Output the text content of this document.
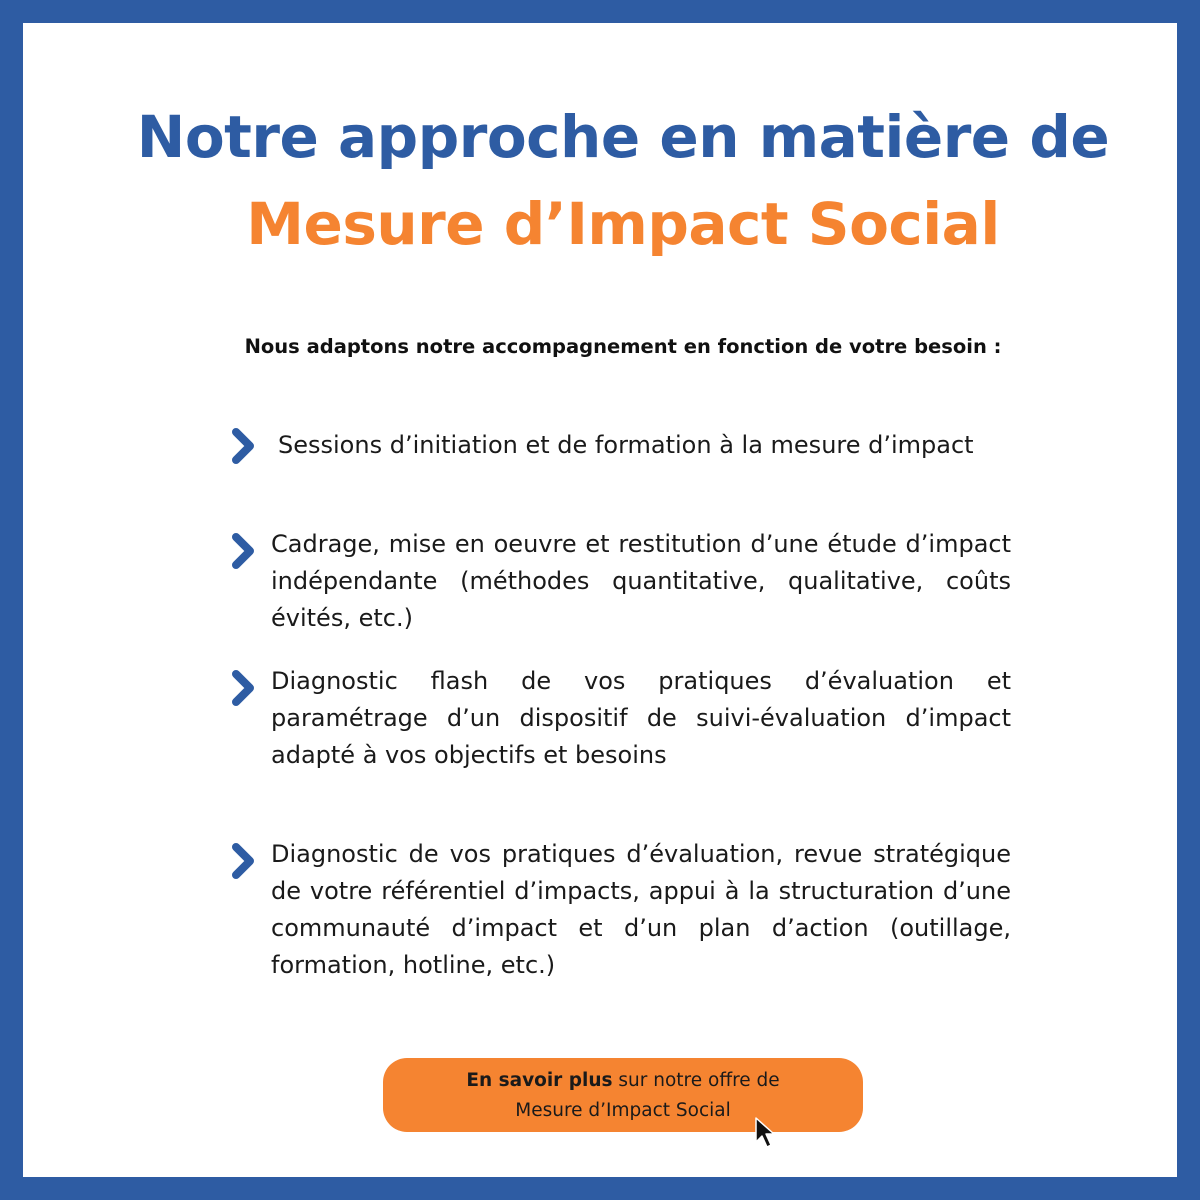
Notre approche en matière de
Mesure d’Impact Social

Nous adaptons notre accompagnement en fonction de votre besoin :

Sessions d’initiation et de formation à la mesure d’impact

Cadrage, mise en oeuvre et restitution d’une étude d’impact indépendante (méthodes quantitative, qualitative, coûts évités, etc.)

Diagnostic flash de vos pratiques d’évaluation et paramétrage d’un dispositif de suivi-évaluation d’impact adapté à vos objectifs et besoins

Diagnostic de vos pratiques d’évaluation, revue stratégique de votre référentiel d’impacts, appui à la structuration d’une communauté d’impact et d’un plan d’action (outillage, formation, hotline, etc.)

En savoir plus sur notre offre de
Mesure d’Impact Social
